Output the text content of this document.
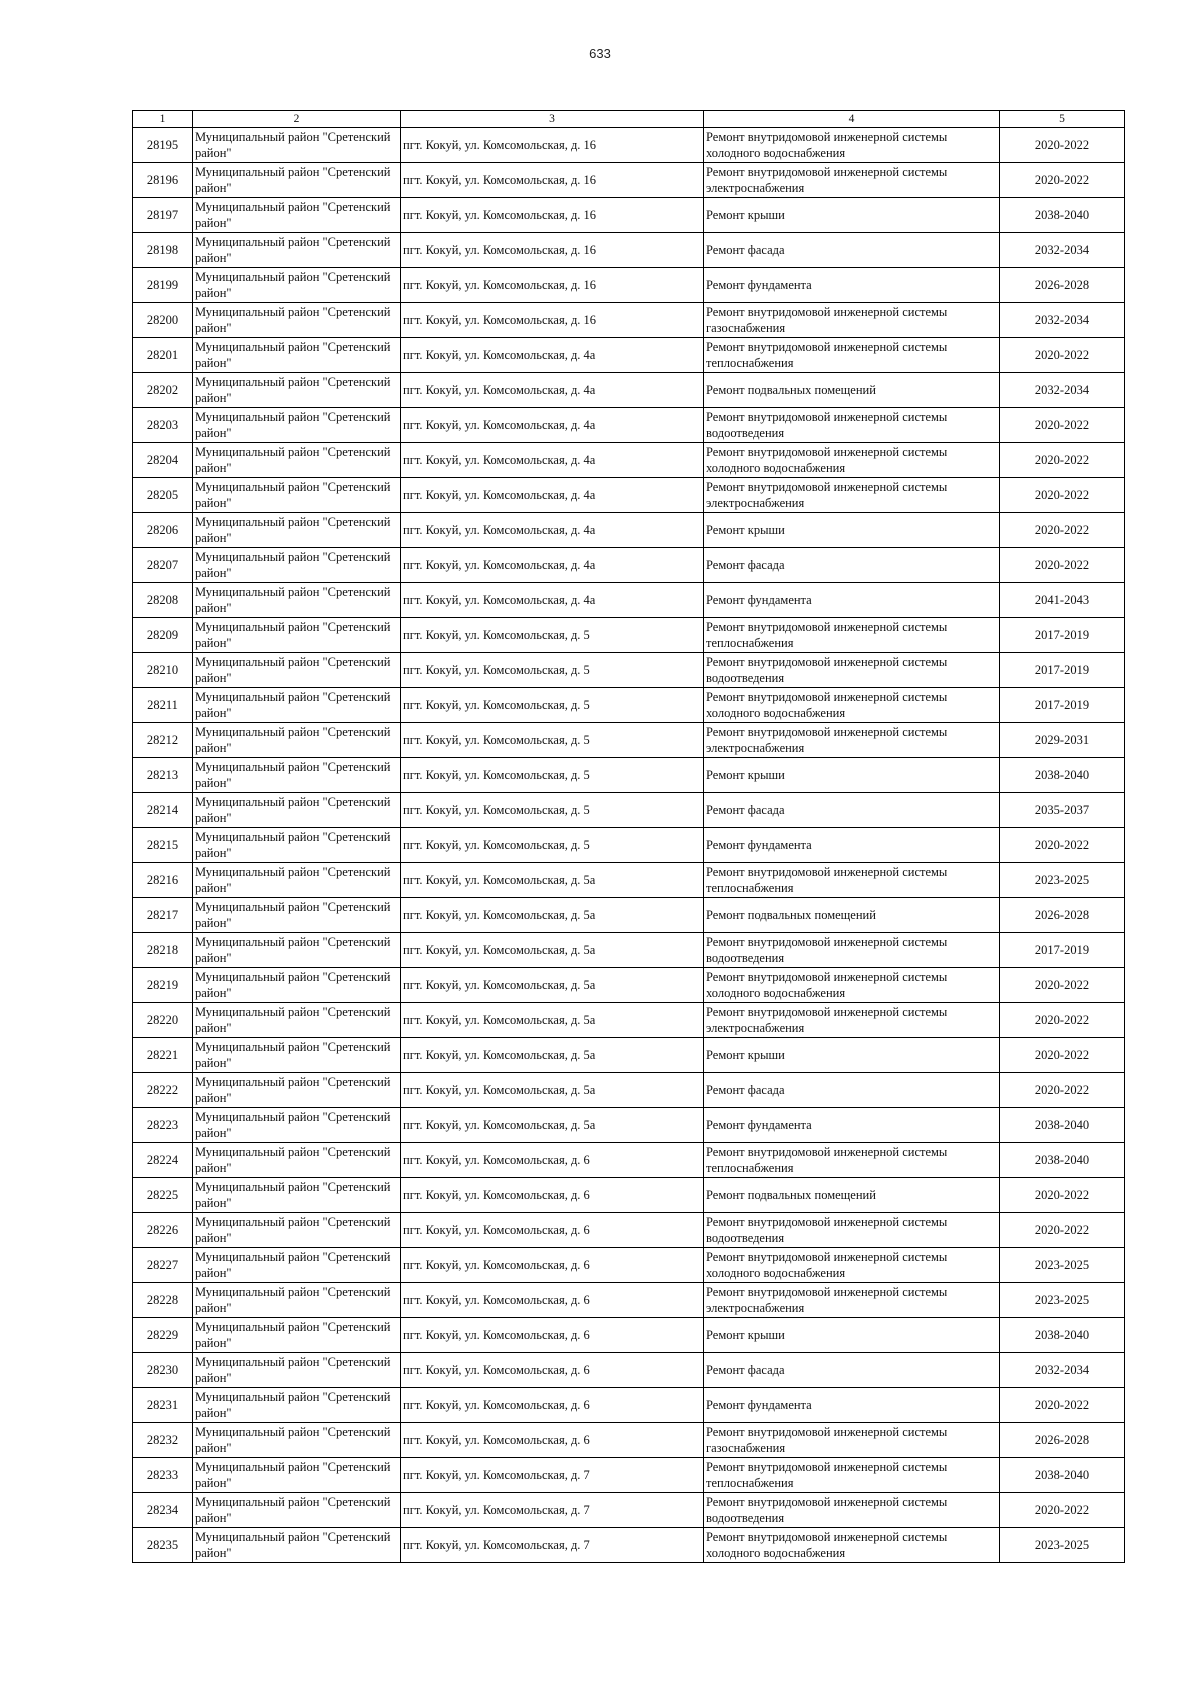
633
1	2	3	4	5
28195	Муниципальный район "Сретенский район"	пгт. Кокуй, ул. Комсомольская, д. 16	Ремонт внутридомовой инженерной системы холодного водоснабжения	2020-2022
28196	Муниципальный район "Сретенский район"	пгт. Кокуй, ул. Комсомольская, д. 16	Ремонт внутридомовой инженерной системы электроснабжения	2020-2022
28197	Муниципальный район "Сретенский район"	пгт. Кокуй, ул. Комсомольская, д. 16	Ремонт крыши	2038-2040
28198	Муниципальный район "Сретенский район"	пгт. Кокуй, ул. Комсомольская, д. 16	Ремонт фасада	2032-2034
28199	Муниципальный район "Сретенский район"	пгт. Кокуй, ул. Комсомольская, д. 16	Ремонт фундамента	2026-2028
28200	Муниципальный район "Сретенский район"	пгт. Кокуй, ул. Комсомольская, д. 16	Ремонт внутридомовой инженерной системы газоснабжения	2032-2034
28201	Муниципальный район "Сретенский район"	пгт. Кокуй, ул. Комсомольская, д. 4а	Ремонт внутридомовой инженерной системы теплоснабжения	2020-2022
28202	Муниципальный район "Сретенский район"	пгт. Кокуй, ул. Комсомольская, д. 4а	Ремонт подвальных помещений	2032-2034
28203	Муниципальный район "Сретенский район"	пгт. Кокуй, ул. Комсомольская, д. 4а	Ремонт внутридомовой инженерной системы водоотведения	2020-2022
28204	Муниципальный район "Сретенский район"	пгт. Кокуй, ул. Комсомольская, д. 4а	Ремонт внутридомовой инженерной системы холодного водоснабжения	2020-2022
28205	Муниципальный район "Сретенский район"	пгт. Кокуй, ул. Комсомольская, д. 4а	Ремонт внутридомовой инженерной системы электроснабжения	2020-2022
28206	Муниципальный район "Сретенский район"	пгт. Кокуй, ул. Комсомольская, д. 4а	Ремонт крыши	2020-2022
28207	Муниципальный район "Сретенский район"	пгт. Кокуй, ул. Комсомольская, д. 4а	Ремонт фасада	2020-2022
28208	Муниципальный район "Сретенский район"	пгт. Кокуй, ул. Комсомольская, д. 4а	Ремонт фундамента	2041-2043
28209	Муниципальный район "Сретенский район"	пгт. Кокуй, ул. Комсомольская, д. 5	Ремонт внутридомовой инженерной системы теплоснабжения	2017-2019
28210	Муниципальный район "Сретенский район"	пгт. Кокуй, ул. Комсомольская, д. 5	Ремонт внутридомовой инженерной системы водоотведения	2017-2019
28211	Муниципальный район "Сретенский район"	пгт. Кокуй, ул. Комсомольская, д. 5	Ремонт внутридомовой инженерной системы холодного водоснабжения	2017-2019
28212	Муниципальный район "Сретенский район"	пгт. Кокуй, ул. Комсомольская, д. 5	Ремонт внутридомовой инженерной системы электроснабжения	2029-2031
28213	Муниципальный район "Сретенский район"	пгт. Кокуй, ул. Комсомольская, д. 5	Ремонт крыши	2038-2040
28214	Муниципальный район "Сретенский район"	пгт. Кокуй, ул. Комсомольская, д. 5	Ремонт фасада	2035-2037
28215	Муниципальный район "Сретенский район"	пгт. Кокуй, ул. Комсомольская, д. 5	Ремонт фундамента	2020-2022
28216	Муниципальный район "Сретенский район"	пгт. Кокуй, ул. Комсомольская, д. 5а	Ремонт внутридомовой инженерной системы теплоснабжения	2023-2025
28217	Муниципальный район "Сретенский район"	пгт. Кокуй, ул. Комсомольская, д. 5а	Ремонт подвальных помещений	2026-2028
28218	Муниципальный район "Сретенский район"	пгт. Кокуй, ул. Комсомольская, д. 5а	Ремонт внутридомовой инженерной системы водоотведения	2017-2019
28219	Муниципальный район "Сретенский район"	пгт. Кокуй, ул. Комсомольская, д. 5а	Ремонт внутридомовой инженерной системы холодного водоснабжения	2020-2022
28220	Муниципальный район "Сретенский район"	пгт. Кокуй, ул. Комсомольская, д. 5а	Ремонт внутридомовой инженерной системы электроснабжения	2020-2022
28221	Муниципальный район "Сретенский район"	пгт. Кокуй, ул. Комсомольская, д. 5а	Ремонт крыши	2020-2022
28222	Муниципальный район "Сретенский район"	пгт. Кокуй, ул. Комсомольская, д. 5а	Ремонт фасада	2020-2022
28223	Муниципальный район "Сретенский район"	пгт. Кокуй, ул. Комсомольская, д. 5а	Ремонт фундамента	2038-2040
28224	Муниципальный район "Сретенский район"	пгт. Кокуй, ул. Комсомольская, д. 6	Ремонт внутридомовой инженерной системы теплоснабжения	2038-2040
28225	Муниципальный район "Сретенский район"	пгт. Кокуй, ул. Комсомольская, д. 6	Ремонт подвальных помещений	2020-2022
28226	Муниципальный район "Сретенский район"	пгт. Кокуй, ул. Комсомольская, д. 6	Ремонт внутридомовой инженерной системы водоотведения	2020-2022
28227	Муниципальный район "Сретенский район"	пгт. Кокуй, ул. Комсомольская, д. 6	Ремонт внутридомовой инженерной системы холодного водоснабжения	2023-2025
28228	Муниципальный район "Сретенский район"	пгт. Кокуй, ул. Комсомольская, д. 6	Ремонт внутридомовой инженерной системы электроснабжения	2023-2025
28229	Муниципальный район "Сретенский район"	пгт. Кокуй, ул. Комсомольская, д. 6	Ремонт крыши	2038-2040
28230	Муниципальный район "Сретенский район"	пгт. Кокуй, ул. Комсомольская, д. 6	Ремонт фасада	2032-2034
28231	Муниципальный район "Сретенский район"	пгт. Кокуй, ул. Комсомольская, д. 6	Ремонт фундамента	2020-2022
28232	Муниципальный район "Сретенский район"	пгт. Кокуй, ул. Комсомольская, д. 6	Ремонт внутридомовой инженерной системы газоснабжения	2026-2028
28233	Муниципальный район "Сретенский район"	пгт. Кокуй, ул. Комсомольская, д. 7	Ремонт внутридомовой инженерной системы теплоснабжения	2038-2040
28234	Муниципальный район "Сретенский район"	пгт. Кокуй, ул. Комсомольская, д. 7	Ремонт внутридомовой инженерной системы водоотведения	2020-2022
28235	Муниципальный район "Сретенский район"	пгт. Кокуй, ул. Комсомольская, д. 7	Ремонт внутридомовой инженерной системы холодного водоснабжения	2023-2025
